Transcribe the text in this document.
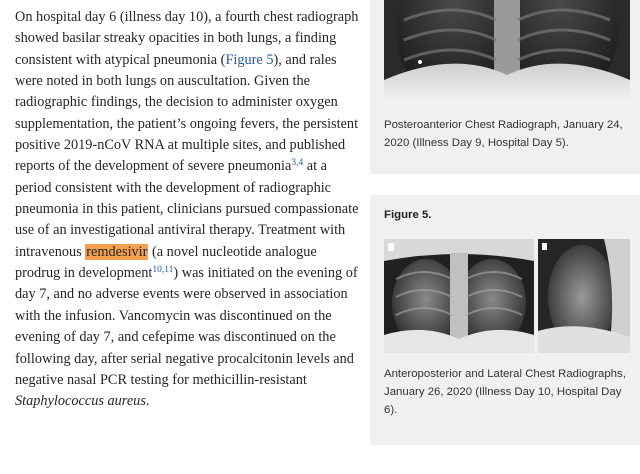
On hospital day 6 (illness day 10), a fourth chest radiograph showed basilar streaky opacities in both lungs, a finding consistent with atypical pneumonia (Figure 5), and rales were noted in both lungs on auscultation. Given the radiographic findings, the decision to administer oxygen supplementation, the patient’s ongoing fevers, the persistent positive 2019-nCoV RNA at multiple sites, and published reports of the development of severe pneumonia$^{3,4}$ at a period consistent with the development of radiographic pneumonia in this patient, clinicians pursued compassionate use of an investigational antiviral therapy. Treatment with intravenous remdesivir (a novel nucleotide analogue prodrug in development$^{10,11}$) was initiated on the evening of day 7, and no adverse events were observed in association with the infusion. Vancomycin was discontinued on the evening of day 7, and cefepime was discontinued on the following day, after serial negative procalcitonin levels and negative nasal PCR testing for methicillin-resistant Staphylococcus aureus.

Posteroanterior Chest Radiograph, January 24, 2020 (Illness Day 9, Hospital Day 5).
Figure 5.
Anteroposterior and Lateral Chest Radiographs, January 26, 2020 (Illness Day 10, Hospital Day 6).
